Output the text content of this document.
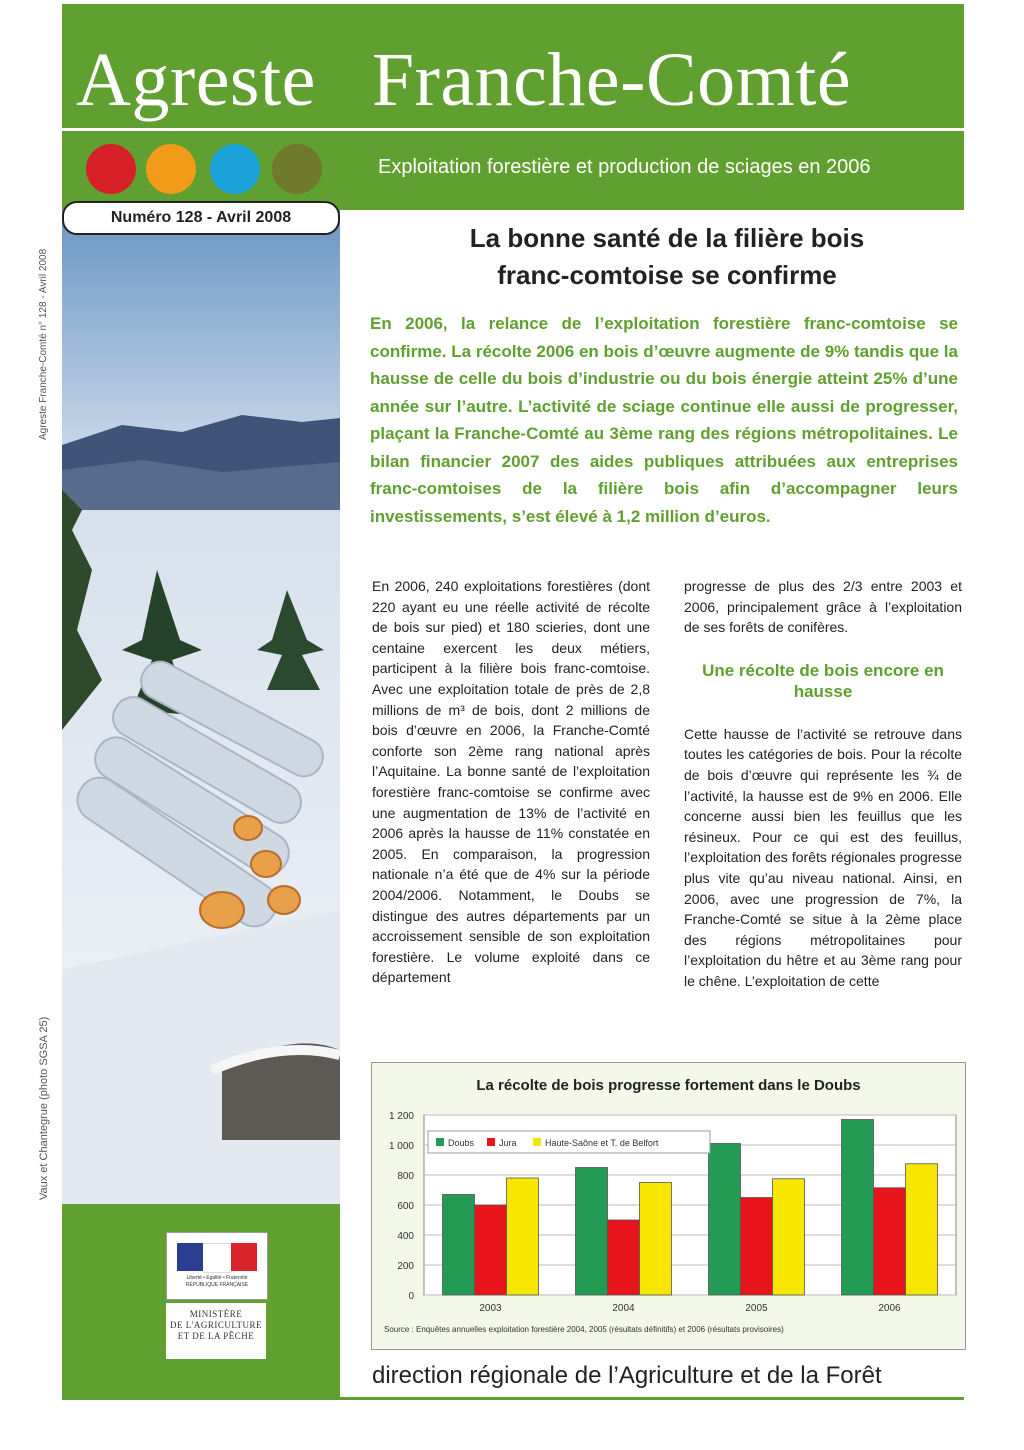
Agreste Franche-Comté
Exploitation forestière et production de sciages en 2006
Numéro 128 - Avril 2008
Agreste Franche-Comté n° 128 - Avril 2008
Vaux et Chantegrue (photo SGSA 25)
Liberté • Égalité • Fraternité RÉPUBLIQUE FRANÇAISE
MINISTÈRE
DE L'AGRICULTURE
ET DE LA PÊCHE
La bonne santé de la filière bois
franc-comtoise se confirme
En 2006, la relance de l’exploitation forestière franc-comtoise se confirme. La récolte 2006 en bois d’œuvre augmente de 9% tandis que la hausse de celle du bois d’industrie ou du bois énergie atteint 25% d’une année sur l’autre. L’activité de sciage continue elle aussi de progresser, plaçant la Franche-Comté au 3ème rang des régions métropolitaines. Le bilan financier 2007 des aides publiques attribuées aux entreprises franc-comtoises de la filière bois afin d’accompagner leurs investissements, s’est élevé à 1,2 million d’euros.

En 2006, 240 exploitations forestières (dont 220 ayant eu une réelle activité de récolte de bois sur pied) et 180 scieries, dont une centaine exercent les deux métiers, participent à la filière bois franc-comtoise. Avec une exploitation totale de près de 2,8 millions de m³ de bois, dont 2 millions de bois d’œuvre en 2006, la Franche-Comté conforte son 2ème rang national après l’Aquitaine. La bonne santé de l’exploitation forestière franc-comtoise se confirme avec une augmentation de 13% de l’activité en 2006 après la hausse de 11% constatée en 2005. En comparaison, la progression nationale n’a été que de 4% sur la période 2004/2006. Notamment, le Doubs se distingue des autres départements par un accroissement sensible de son exploitation forestière. Le volume exploité dans ce département

progresse de plus des 2/3 entre 2003 et 2006, principalement grâce à l’exploitation de ses forêts de conifères.

Une récolte de bois encore en hausse

Cette hausse de l’activité se retrouve dans toutes les catégories de bois. Pour la récolte de bois d’œuvre qui représente les ¾ de l’activité, la hausse est de 9% en 2006. Elle concerne aussi bien les feuillus que les résineux. Pour ce qui est des feuillus, l’exploitation des forêts régionales progresse plus vite qu’au niveau national. Ainsi, en 2006, avec une progression de 7%, la Franche-Comté se situe à la 2ème place des régions métropolitaines pour l’exploitation du hêtre et au 3ème rang pour le chêne. L’exploitation de cette

La récolte de bois progresse fortement dans le Doubs
0
200
400
600
800
1 000
1 200
2003	2004	2005	2006
Doubs	Jura	Haute-Saône et T. de Belfort
Source : Enquêtes annuelles exploitation forestière 2004, 2005 (résultats définitifs) et 2006 (résultats provisoires)
direction régionale de l’Agriculture et de la Forêt
